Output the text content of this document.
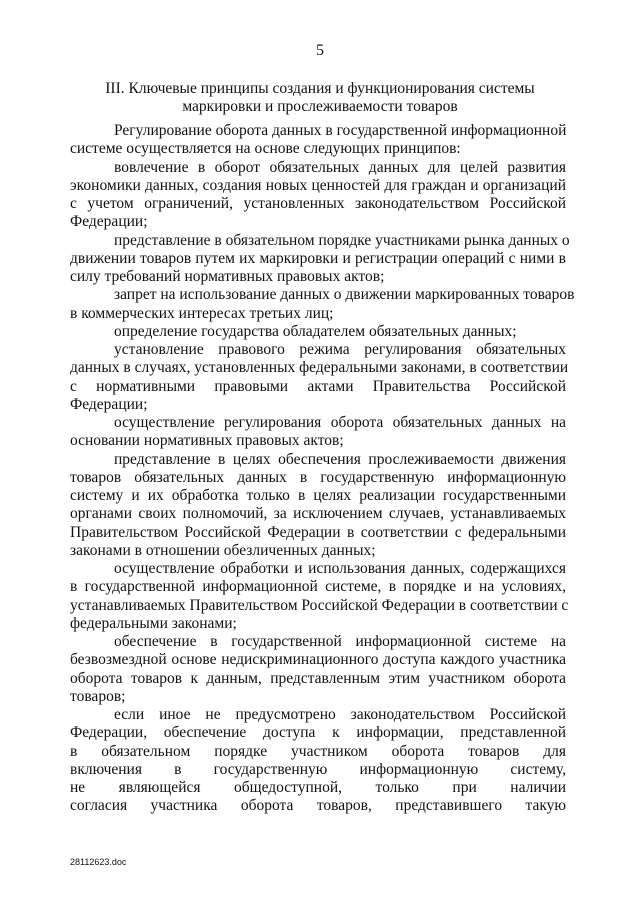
5
III. Ключевые принципы создания и функционирования системы
маркировки и прослеживаемости товаров
Регулирование оборота данных в государственной информационной
системе осуществляется на основе следующих принципов:
вовлечение в оборот обязательных данных для целей развития
экономики данных, создания новых ценностей для граждан и организаций
с учетом ограничений, установленных законодательством Российской
Федерации;
представление в обязательном порядке участниками рынка данных о
движении товаров путем их маркировки и регистрации операций с ними в
силу требований нормативных правовых актов;
запрет на использование данных о движении маркированных товаров
в коммерческих интересах третьих лиц;
определение государства обладателем обязательных данных;
установление правового режима регулирования обязательных
данных в случаях, установленных федеральными законами, в соответствии
с нормативными правовыми актами Правительства Российской
Федерации;
осуществление регулирования оборота обязательных данных на
основании нормативных правовых актов;
представление в целях обеспечения прослеживаемости движения
товаров обязательных данных в государственную информационную
систему и их обработка только в целях реализации государственными
органами своих полномочий, за исключением случаев, устанавливаемых
Правительством Российской Федерации в соответствии с федеральными
законами в отношении обезличенных данных;
осуществление обработки и использования данных, содержащихся
в государственной информационной системе, в порядке и на условиях,
устанавливаемых Правительством Российской Федерации в соответствии с
федеральными законами;
обеспечение в государственной информационной системе на
безвозмездной основе недискриминационного доступа каждого участника
оборота товаров к данным, представленным этим участником оборота
товаров;
если иное не предусмотрено законодательством Российской
Федерации, обеспечение доступа к информации, представленной
в обязательном порядке участником оборота товаров для
включения в государственную информационную систему,
не являющейся общедоступной, только при наличии
согласия участника оборота товаров, представившего такую
28112623.doc
